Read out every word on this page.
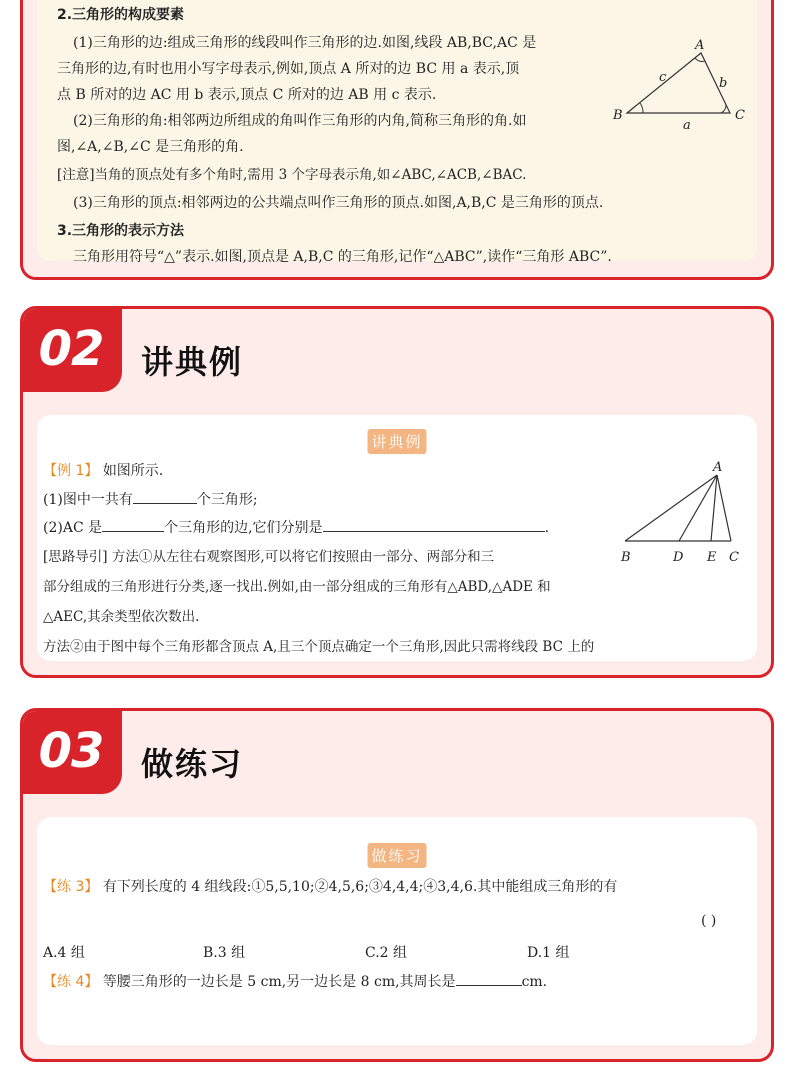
2.三角形的构成要素
(1)三角形的边:组成三角形的线段叫作三角形的边.如图,线段 AB,BC,AC 是
三角形的边,有时也用小写字母表示,例如,顶点 A 所对的边 BC 用 a 表示,顶
点 B 所对的边 AC 用 b 表示,顶点 C 所对的边 AB 用 c 表示.
(2)三角形的角:相邻两边所组成的角叫作三角形的内角,简称三角形的角.如
图,∠A,∠B,∠C 是三角形的角.
[注意]当角的顶点处有多个角时,需用 3 个字母表示角,如∠ABC,∠ACB,∠BAC.
(3)三角形的顶点:相邻两边的公共端点叫作三角形的顶点.如图,A,B,C 是三角形的顶点.
3.三角形的表示方法
三角形用符号“△”表示.如图,顶点是 A,B,C 的三角形,记作“△ABC”,读作“三角形 ABC”.
A
B	C
c	b
a
02	讲典例
讲典例
【例 1】 如图所示.
(1)图中一共有	个三角形;
(2)AC 是	个三角形的边,它们分别是	.
[思路导引] 方法①从左往右观察图形,可以将它们按照由一部分、两部分和三
部分组成的三角形进行分类,逐一找出.例如,由一部分组成的三角形有△ABD,△ADE 和
△AEC,其余类型依次数出.
方法②由于图中每个三角形都含顶点 A,且三个顶点确定一个三角形,因此只需将线段 BC 上的
A
B	D E C
03	做练习
做练习
【练 3】 有下列长度的 4 组线段:①5,5,10;②4,5,6;③4,4,4;④3,4,6.其中能组成三角形的有
( )
A.4 组	B.3 组	C.2 组	D.1 组
【练 4】 等腰三角形的一边长是 5 cm,另一边长是 8 cm,其周长是	cm.
